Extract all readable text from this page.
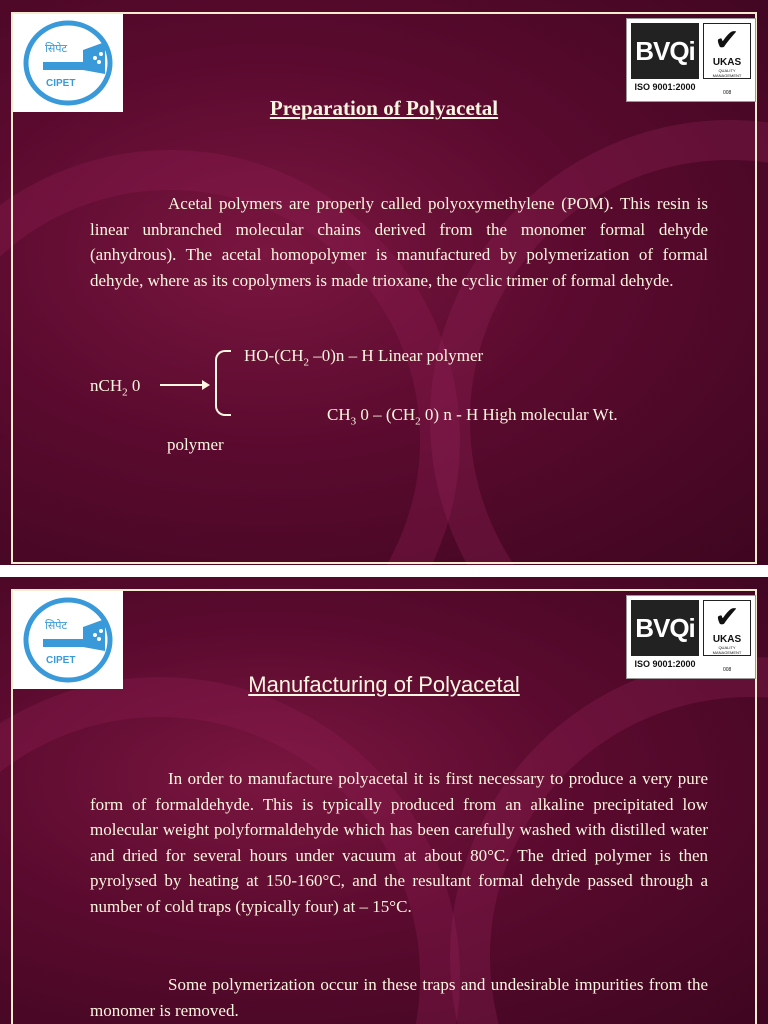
सिपेट
CIPET
BVQi ✔
UKAS
QUALITY
MANAGEMENT
ISO 9001:2000
008
Preparation of Polyacetal

Acetal polymers are properly called polyoxymethylene (POM). This resin is linear unbranched molecular chains derived from the monomer formal dehyde (anhydrous). The acetal homopolymer is manufactured by polymerization of formal dehyde, where as its copolymers is made trioxane, the cyclic trimer of formal dehyde.

nCH$_2$ 0 →
$HO-(CH_2$ –0)n – H Linear polymer
$CH_3$ $0 - (CH_2$ 0) n - H High molecular Wt.
polymer
सिपेट
CIPET
BVQi ✔
UKAS
QUALITY
MANAGEMENT
ISO 9001:2000
008
Manufacturing of Polyacetal

In order to manufacture polyacetal it is first necessary to produce a very pure form of formaldehyde. This is typically produced from an alkaline precipitated low molecular weight polyformaldehyde which has been carefully washed with distilled water and dried for several hours under vacuum at about 80°C. The dried polymer is then pyrolysed by heating at 150-160°C, and the resultant formal dehyde passed through a number of cold traps (typically four) at – 15°C.

Some polymerization occur in these traps and undesirable impurities from the monomer is removed.
